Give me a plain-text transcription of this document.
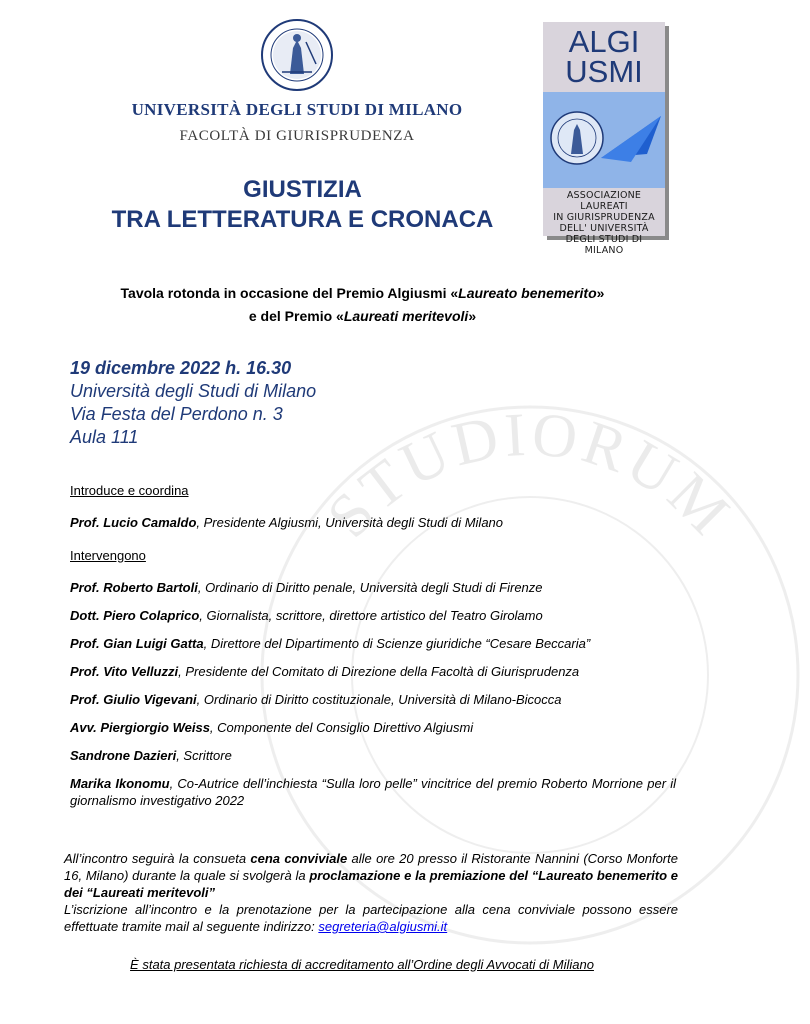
STUDIORUM
UNIVERSITÀ DEGLI STUDI DI MILANO
FACOLTÀ DI GIURISPRUDENZA
ALGI
USMI
ASSOCIAZIONE LAUREATI
IN GIURISPRUDENZA
DELL' UNIVERSITÀ
DEGLI STUDI DI MILANO
GIUSTIZIA
TRA LETTERATURA E CRONACA
Tavola rotonda in occasione del Premio Algiusmi «Laureato benemerito»
e del Premio «Laureati meritevoli»
19 dicembre 2022 h. 16.30
Università degli Studi di Milano
Via Festa del Perdono n. 3
Aula 111
Introduce e coordina
Prof. Lucio Camaldo, Presidente Algiusmi, Università degli Studi di Milano
Intervengono
Prof. Roberto Bartoli, Ordinario di Diritto penale, Università degli Studi di Firenze
Dott. Piero Colaprico, Giornalista, scrittore, direttore artistico del Teatro Girolamo
Prof. Gian Luigi Gatta, Direttore del Dipartimento di Scienze giuridiche “Cesare Beccaria”
Prof. Vito Velluzzi, Presidente del Comitato di Direzione della Facoltà di Giurisprudenza
Prof. Giulio Vigevani, Ordinario di Diritto costituzionale, Università di Milano-Bicocca
Avv. Piergiorgio Weiss, Componente del Consiglio Direttivo Algiusmi
Sandrone Dazieri, Scrittore
Marika Ikonomu, Co-Autrice dell’inchiesta “Sulla loro pelle” vincitrice del premio Roberto Morrione per il giornalismo investigativo 2022

All’incontro seguirà la consueta cena conviviale alle ore 20 presso il Ristorante Nannini (Corso Monforte 16, Milano) durante la quale si svolgerà la proclamazione e la premiazione del “Laureato benemerito e dei “Laureati meritevoli”

L’iscrizione all’incontro e la prenotazione per la partecipazione alla cena conviviale possono essere effettuate tramite mail al seguente indirizzo: segreteria@algiusmi.it

È stata presentata richiesta di accreditamento all’Ordine degli Avvocati di Miliano
